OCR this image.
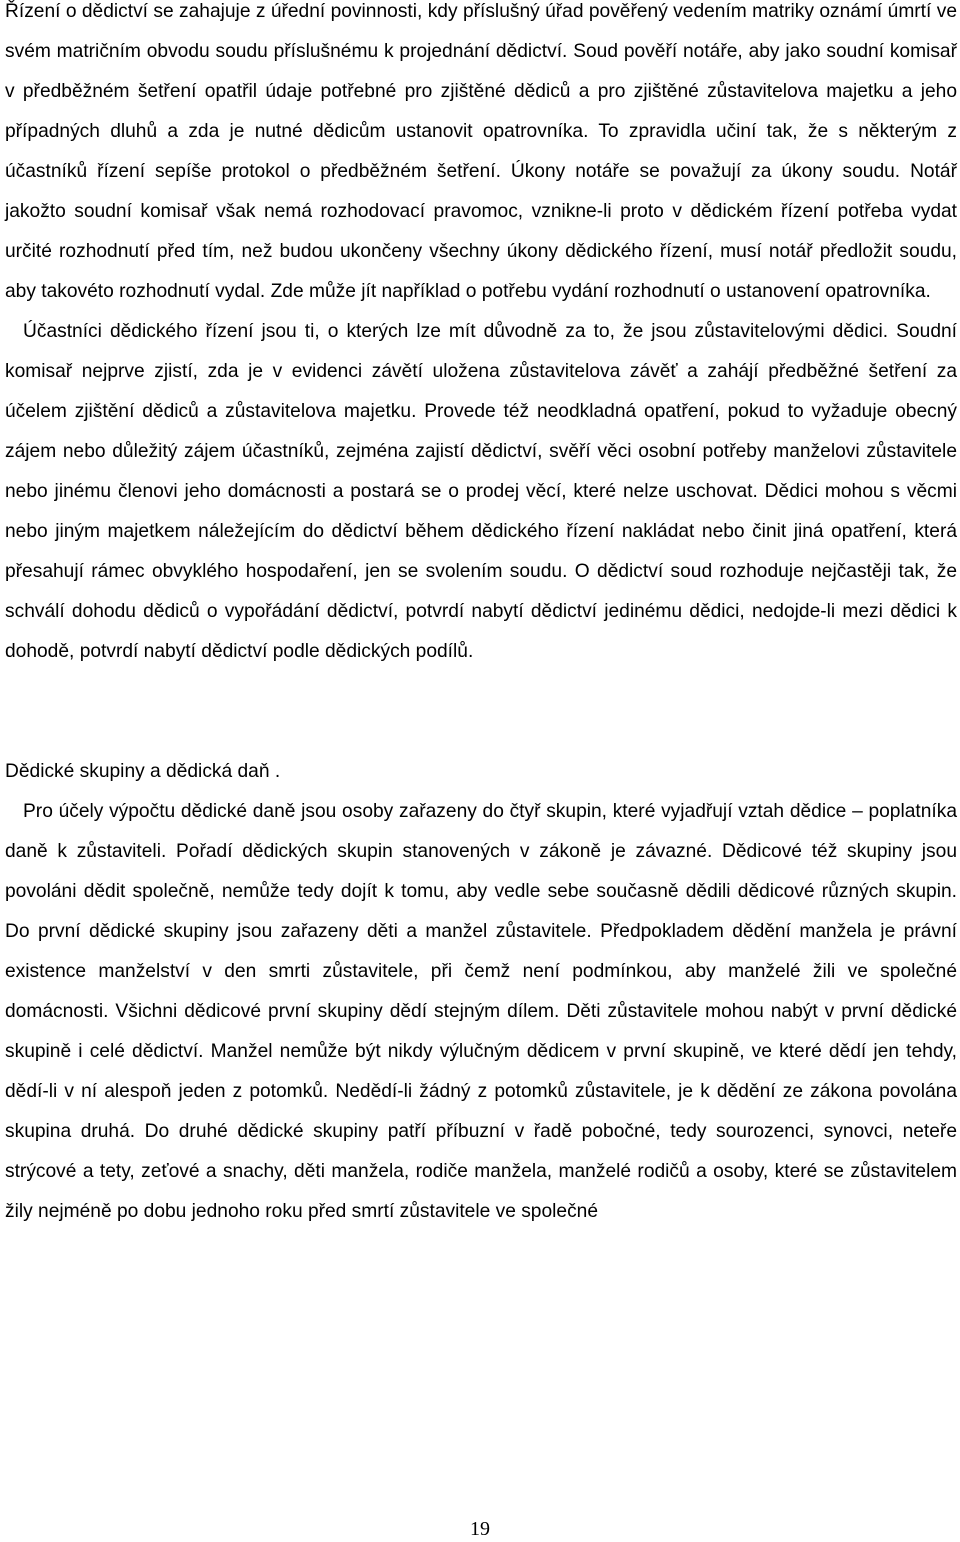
Řízení o dědictví se zahajuje z úřední povinnosti, kdy příslušný úřad pověřený vedením matriky oznámí úmrtí ve svém matričním obvodu soudu příslušnému k projednání dědictví. Soud pověří notáře, aby jako soudní komisař v předběžném šetření opatřil údaje potřebné pro zjištěné dědiců a pro zjištěné zůstavitelova majetku a jeho případných dluhů a zda je nutné dědicům ustanovit opatrovníka. To zpravidla učiní tak, že s některým z účastníků řízení sepíše protokol o předběžném šetření. Úkony notáře se považují za úkony soudu. Notář jakožto soudní komisař však nemá rozhodovací pravomoc, vznikne-li proto v dědickém řízení potřeba vydat určité rozhodnutí před tím, než budou ukončeny všechny úkony dědického řízení, musí notář předložit soudu, aby takovéto rozhodnutí vydal. Zde může jít například o potřebu vydání rozhodnutí o ustanovení opatrovníka.

Účastníci dědického řízení jsou ti, o kterých lze mít důvodně za to, že jsou zůstavitelovými dědici. Soudní komisař nejprve zjistí, zda je v evidenci závětí uložena zůstavitelova závěť a zahájí předběžné šetření za účelem zjištění dědiců a zůstavitelova majetku. Provede též neodkladná opatření, pokud to vyžaduje obecný zájem nebo důležitý zájem účastníků, zejména zajistí dědictví, svěří věci osobní potřeby manželovi zůstavitele nebo jinému členovi jeho domácnosti a postará se o prodej věcí, které nelze uschovat. Dědici mohou s věcmi nebo jiným majetkem náležejícím do dědictví během dědického řízení nakládat nebo činit jiná opatření, která přesahují rámec obvyklého hospodaření, jen se svolením soudu. O dědictví soud rozhoduje nejčastěji tak, že schválí dohodu dědiců o vypořádání dědictví, potvrdí nabytí dědictví jedinému dědici, nedojde-li mezi dědici k dohodě, potvrdí nabytí dědictví podle dědických podílů.

Dědické skupiny a dědická daň .

Pro účely výpočtu dědické daně jsou osoby zařazeny do čtyř skupin, které vyjadřují vztah dědice – poplatníka daně k zůstaviteli. Pořadí dědických skupin stanovených v zákoně je závazné. Dědicové též skupiny jsou povoláni dědit společně, nemůže tedy dojít k tomu, aby vedle sebe současně dědili dědicové různých skupin. Do první dědické skupiny jsou zařazeny děti a manžel zůstavitele. Předpokladem dědění manžela je právní existence manželství v den smrti zůstavitele, při čemž není podmínkou, aby manželé žili ve společné domácnosti. Všichni dědicové první skupiny dědí stejným dílem. Děti zůstavitele mohou nabýt v první dědické skupině i celé dědictví. Manžel nemůže být nikdy výlučným dědicem v první skupině, ve které dědí jen tehdy, dědí-li v ní alespoň jeden z potomků. Nedědí-li žádný z potomků zůstavitele, je k dědění ze zákona povolána skupina druhá. Do druhé dědické skupiny patří příbuzní v řadě pobočné, tedy sourozenci, synovci, neteře strýcové a tety, zeťové a snachy, děti manžela, rodiče manžela, manželé rodičů a osoby, které se zůstavitelem žily nejméně po dobu jednoho roku před smrtí zůstavitele ve společné

19
